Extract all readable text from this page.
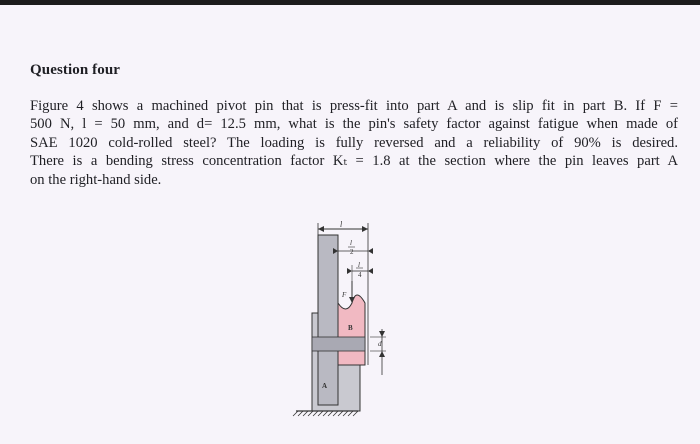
Question four
Figure 4 shows a machined pivot pin that is press-fit into part A and is slip fit in part B. If F =
500 N, l = 50 mm, and d= 12.5 mm, what is the pin's safety factor against fatigue when made of
SAE 1020 cold-rolled steel? The loading is fully reversed and a reliability of 90% is desired.
There is a bending stress concentration factor Kₜ = 1.8 at the section where the pin leaves part A
on the right-hand side.
l
l
2
l
4
F
B
A
d
